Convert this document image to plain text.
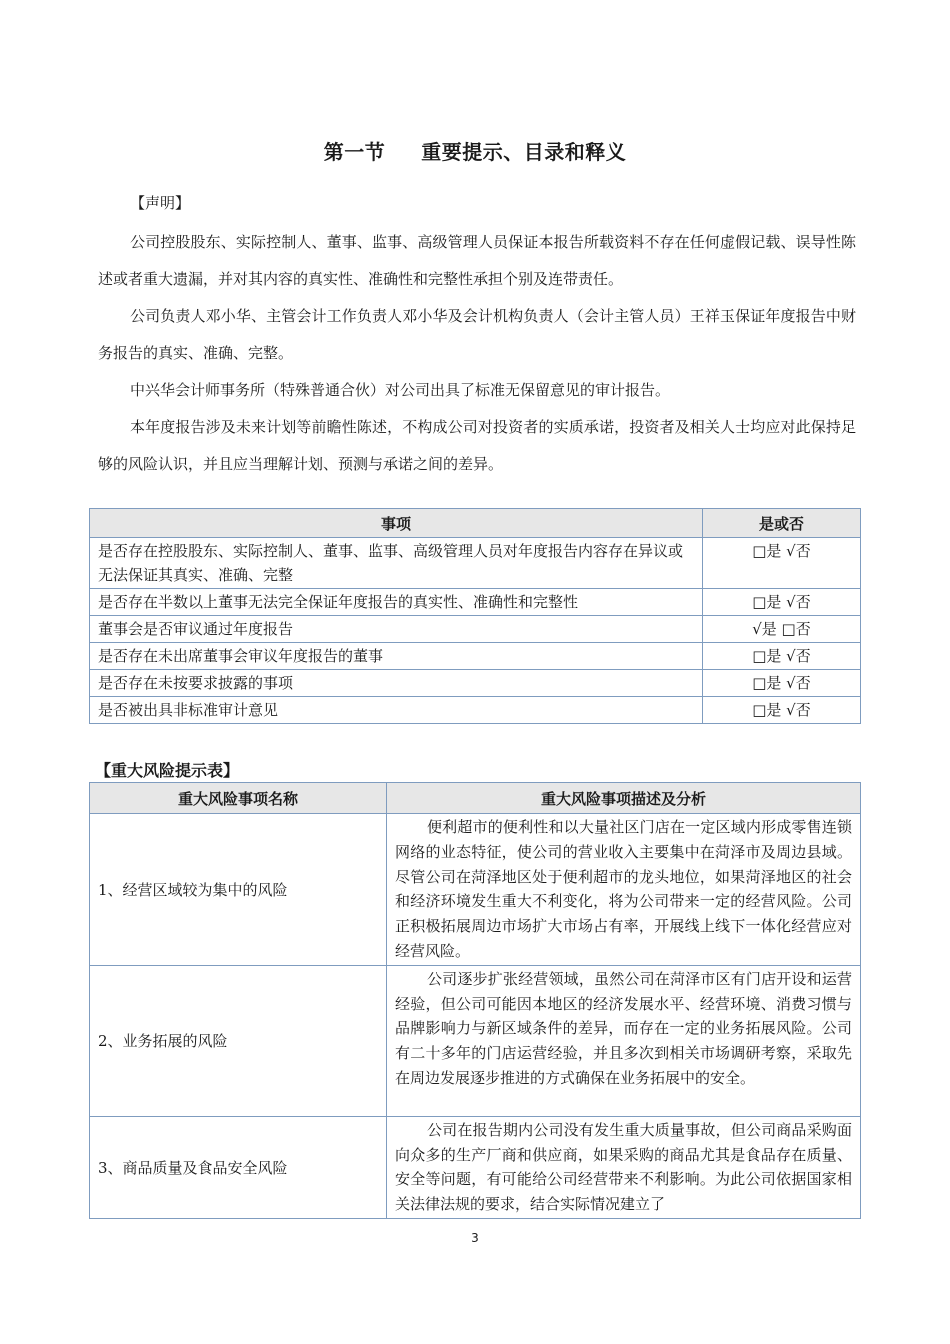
第一节 重要提示、目录和释义
【声明】

公司控股股东、实际控制人、董事、监事、高级管理人员保证本报告所载资料不存在任何虚假记载、误导性陈述或者重大遗漏，并对其内容的真实性、准确性和完整性承担个别及连带责任。

公司负责人邓小华、主管会计工作负责人邓小华及会计机构负责人（会计主管人员）王祥玉保证年度报告中财务报告的真实、准确、完整。

中兴华会计师事务所（特殊普通合伙）对公司出具了标准无保留意见的审计报告。

本年度报告涉及未来计划等前瞻性陈述，不构成公司对投资者的实质承诺，投资者及相关人士均应对此保持足够的风险认识，并且应当理解计划、预测与承诺之间的差异。

事项	是或否
是否存在控股股东、实际控制人、董事、监事、高级管理人员对年度报告内容存在异议或无法保证其真实、准确、完整	□是 √否
是否存在半数以上董事无法完全保证年度报告的真实性、准确性和完整性	□是 √否
董事会是否审议通过年度报告	√是 □否
是否存在未出席董事会审议年度报告的董事	□是 √否
是否存在未按要求披露的事项	□是 √否
是否被出具非标准审计意见	□是 √否
【重大风险提示表】
重大风险事项名称	重大风险事项描述及分析
1、经营区域较为集中的风险	便利超市的便利性和以大量社区门店在一定区域内形成零售连锁网络的业态特征，使公司的营业收入主要集中在菏泽市及周边县域。尽管公司在菏泽地区处于便利超市的龙头地位，如果菏泽地区的社会和经济环境发生重大不利变化，将为公司带来一定的经营风险。公司正积极拓展周边市场扩大市场占有率，开展线上线下一体化经营应对经营风险。
2、业务拓展的风险	公司逐步扩张经营领域，虽然公司在菏泽市区有门店开设和运营经验，但公司可能因本地区的经济发展水平、经营环境、消费习惯与品牌影响力与新区域条件的差异，而存在一定的业务拓展风险。公司有二十多年的门店运营经验，并且多次到相关市场调研考察，采取先在周边发展逐步推进的方式确保在业务拓展中的安全。
3、商品质量及食品安全风险	公司在报告期内公司没有发生重大质量事故，但公司商品采购面向众多的生产厂商和供应商，如果采购的商品尤其是食品存在质量、安全等问题，有可能给公司经营带来不利影响。为此公司依据国家相关法律法规的要求，结合实际情况建立了
3
